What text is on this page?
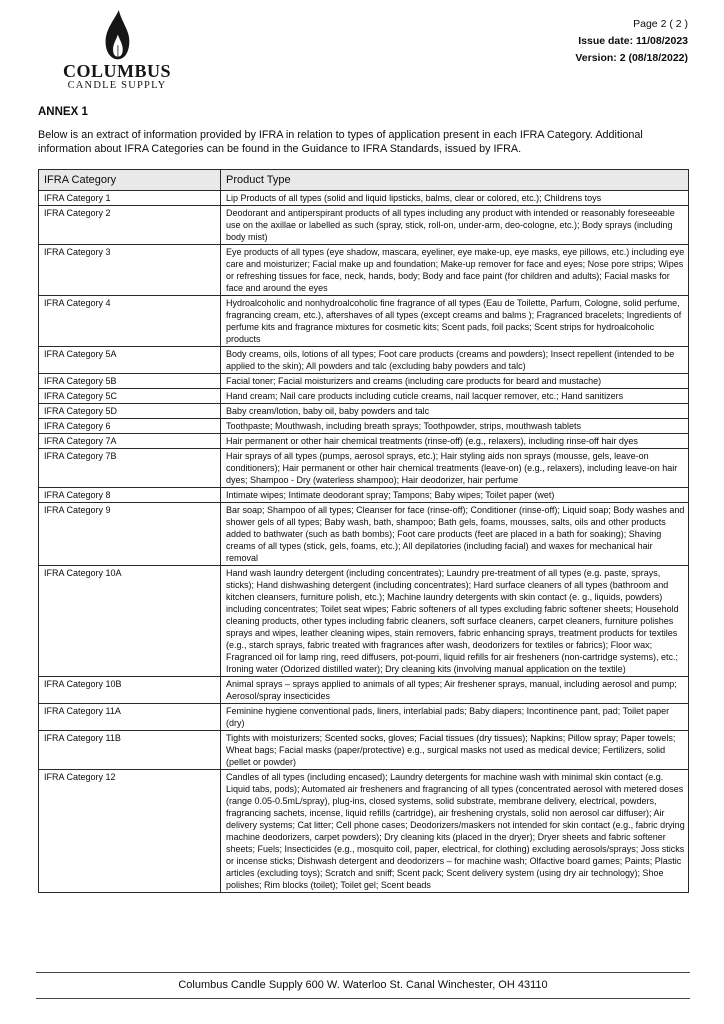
COLUMBUS
CANDLE SUPPLY
Page 2 ( 2 )
Issue date: 11/08/2023
Version: 2 (08/18/2022)
ANNEX 1

Below is an extract of information provided by IFRA in relation to types of application present in each IFRA Category. Additional information about IFRA Categories can be found in the Guidance to IFRA Standards, issued by IFRA.

IFRA Category	Product Type
IFRA Category 1	Lip Products of all types (solid and liquid lipsticks, balms, clear or colored, etc.); Childrens toys
IFRA Category 2	Deodorant and antiperspirant products of all types including any product with intended or reasonably foreseeable use on the axillae or labelled as such (spray, stick, roll-on, under-arm, deo-cologne, etc.); Body sprays (including body mist)
IFRA Category 3	Eye products of all types (eye shadow, mascara, eyeliner, eye make-up, eye masks, eye pillows, etc.) including eye care and moisturizer; Facial make up and foundation; Make-up remover for face and eyes; Nose pore strips; Wipes or refreshing tissues for face, neck, hands, body; Body and face paint (for children and adults); Facial masks for face and around the eyes
IFRA Category 4	Hydroalcoholic and nonhydroalcoholic fine fragrance of all types (Eau de Toilette, Parfum, Cologne, solid perfume, fragrancing cream, etc.), aftershaves of all types (except creams and balms ); Fragranced bracelets; Ingredients of perfume kits and fragrance mixtures for cosmetic kits; Scent pads, foil packs; Scent strips for hydroalcoholic products
IFRA Category 5A	Body creams, oils, lotions of all types; Foot care products (creams and powders); Insect repellent (intended to be applied to the skin); All powders and talc (excluding baby powders and talc)
IFRA Category 5B	Facial toner; Facial moisturizers and creams (including care products for beard and mustache)
IFRA Category 5C	Hand cream; Nail care products including cuticle creams, nail lacquer remover, etc.; Hand sanitizers
IFRA Category 5D	Baby cream/lotion, baby oil, baby powders and talc
IFRA Category 6	Toothpaste; Mouthwash, including breath sprays; Toothpowder, strips, mouthwash tablets
IFRA Category 7A	Hair permanent or other hair chemical treatments (rinse-off) (e.g., relaxers), including rinse-off hair dyes
IFRA Category 7B	Hair sprays of all types (pumps, aerosol sprays, etc.); Hair styling aids non sprays (mousse, gels, leave-on conditioners); Hair permanent or other hair chemical treatments (leave-on) (e.g., relaxers), including leave-on hair dyes; Shampoo - Dry (waterless shampoo); Hair deodorizer, hair perfume
IFRA Category 8	Intimate wipes; Intimate deodorant spray; Tampons; Baby wipes; Toilet paper (wet)
IFRA Category 9	Bar soap; Shampoo of all types; Cleanser for face (rinse-off); Conditioner (rinse-off); Liquid soap; Body washes and shower gels of all types; Baby wash, bath, shampoo; Bath gels, foams, mousses, salts, oils and other products added to bathwater (such as bath bombs); Foot care products (feet are placed in a bath for soaking); Shaving creams of all types (stick, gels, foams, etc.); All depilatories (including facial) and waxes for mechanical hair removal
IFRA Category 10A	Hand wash laundry detergent (including concentrates); Laundry pre-treatment of all types (e.g. paste, sprays, sticks); Hand dishwashing detergent (including concentrates); Hard surface cleaners of all types (bathroom and kitchen cleansers, furniture polish, etc.); Machine laundry detergents with skin contact (e. g., liquids, powders) including concentrates; Toilet seat wipes; Fabric softeners of all types excluding fabric softener sheets; Household cleaning products, other types including fabric cleaners, soft surface cleaners, carpet cleaners, furniture polishes sprays and wipes, leather cleaning wipes, stain removers, fabric enhancing sprays, treatment products for textiles (e.g., starch sprays, fabric treated with fragrances after wash, deodorizers for textiles or fabrics); Floor wax; Fragranced oil for lamp ring, reed diffusers, pot-pourri, liquid refills for air fresheners (non-cartridge systems), etc.; Ironing water (Odorized distilled water); Dry cleaning kits (involving manual application on the textile)
IFRA Category 10B	Animal sprays – sprays applied to animals of all types; Air freshener sprays, manual, including aerosol and pump; Aerosol/spray insecticides
IFRA Category 11A	Feminine hygiene conventional pads, liners, interlabial pads; Baby diapers; Incontinence pant, pad; Toilet paper (dry)
IFRA Category 11B	Tights with moisturizers; Scented socks, gloves; Facial tissues (dry tissues); Napkins; Pillow spray; Paper towels; Wheat bags; Facial masks (paper/protective) e.g., surgical masks not used as medical device; Fertilizers, solid (pellet or powder)
IFRA Category 12	Candles of all types (including encased); Laundry detergents for machine wash with minimal skin contact (e.g. Liquid tabs, pods); Automated air fresheners and fragrancing of all types (concentrated aerosol with metered doses (range 0.05-0.5mL/spray), plug-ins, closed systems, solid substrate, membrane delivery, electrical, powders, fragrancing sachets, incense, liquid refills (cartridge), air freshening crystals, solid non aerosol car diffuser); Air delivery systems; Cat litter; Cell phone cases; Deodorizers/maskers not intended for skin contact (e.g., fabric drying machine deodorizers, carpet powders); Dry cleaning kits (placed in the dryer); Dryer sheets and fabric softener sheets; Fuels; Insecticides (e.g., mosquito coil, paper, electrical, for clothing) excluding aerosols/sprays; Joss sticks or incense sticks; Dishwash detergent and deodorizers – for machine wash; Olfactive board games; Paints; Plastic articles (excluding toys); Scratch and sniff; Scent pack; Scent delivery system (using dry air technology); Shoe polishes; Rim blocks (toilet); Toilet gel; Scent beads
Columbus Candle Supply 600 W. Waterloo St. Canal Winchester, OH 43110
